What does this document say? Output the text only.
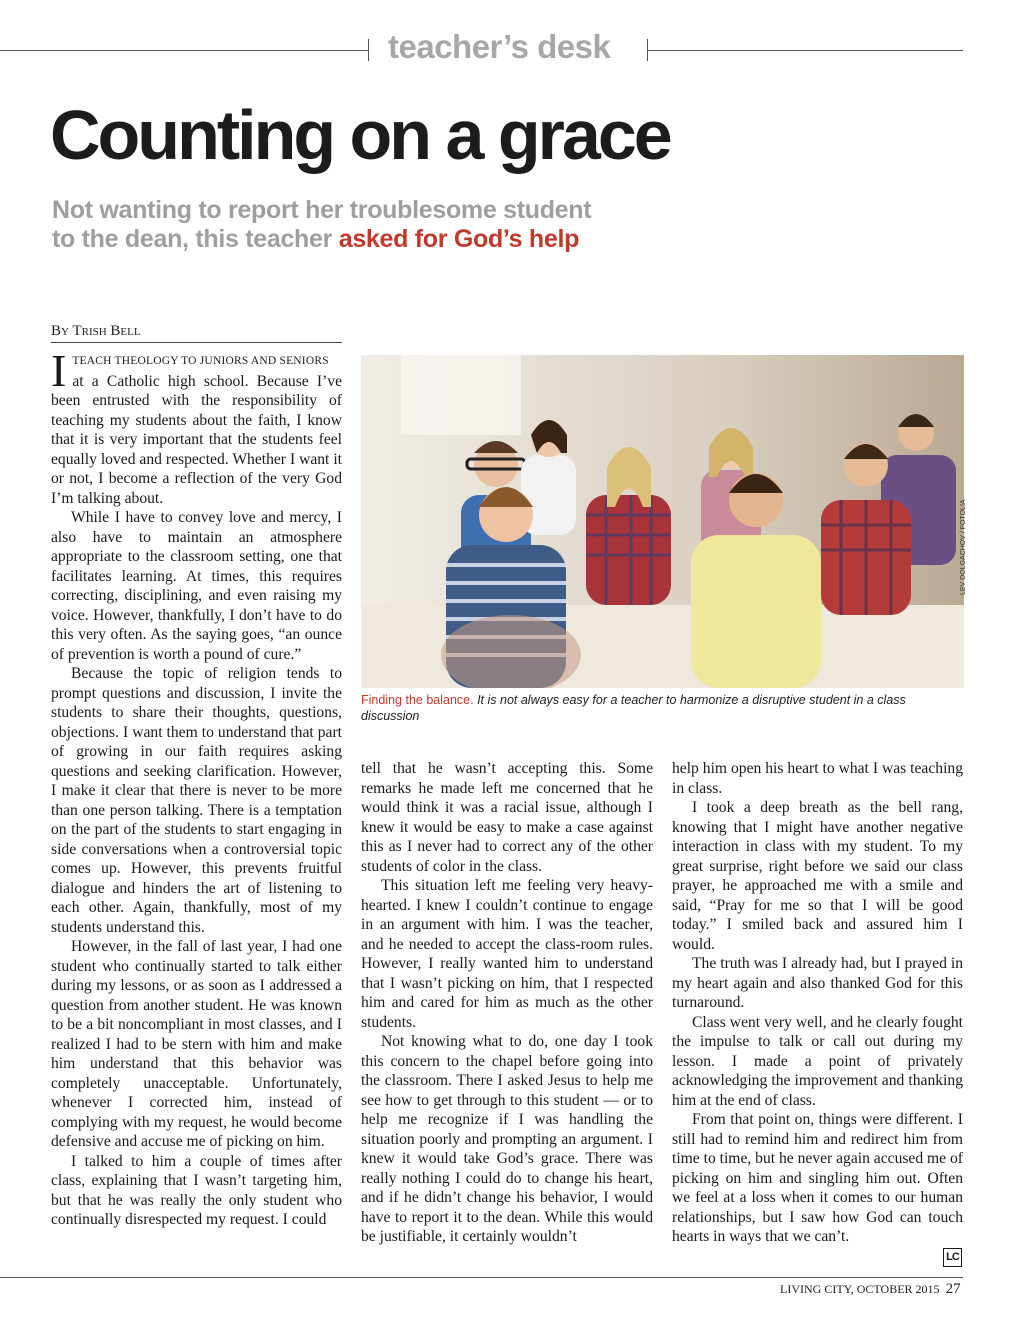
teacher’s desk
Counting on a grace
Not wanting to report her troublesome student to the dean, this teacher asked for God’s help
By Trish Bell

ITEACH THEOLOGY TO JUNIORS AND SENIORS
at a Catholic high school. Because I’ve been entrusted with the responsibility of teaching my students about the faith, I know that it is very important that the students feel equally loved and respected. Whether I want it or not, I become a reflection of the very God I’m talking about.

While I have to convey love and mercy, I also have to maintain an atmosphere appropriate to the classroom setting, one that facilitates learning. At times, this requires correcting, disciplining, and even raising my voice. However, thankfully, I don’t have to do this very often. As the saying goes, “an ounce of prevention is worth a pound of cure.”

Because the topic of religion tends to prompt questions and discussion, I invite the students to share their thoughts, questions, objections. I want them to understand that part of growing in our faith requires asking questions and seeking clarification. However, I make it clear that there is never to be more than one person talking. There is a temptation on the part of the students to start engaging in side conversations when a controversial topic comes up. However, this prevents fruitful dialogue and hinders the art of listening to each other. Again, thankfully, most of my students understand this.

However, in the fall of last year, I had one student who continually started to talk either during my lessons, or as soon as I addressed a question from another student. He was known to be a bit noncompliant in most classes, and I realized I had to be stern with him and make him understand that this behavior was completely unacceptable. Unfortunately, whenever I corrected him, instead of complying with my request, he would become defensive and accuse me of picking on him.

I talked to him a couple of times after class, explaining that I wasn’t targeting him, but that he was really the only student who continually disrespected my request. I could

LEV DOLGACHOV / FOTOLIA
Finding the balance. It is not always easy for a teacher to harmonize a disruptive student in a class discussion

tell that he wasn’t accepting this. Some remarks he made left me concerned that he would think it was a racial issue, although I knew it would be easy to make a case against this as I never had to correct any of the other students of color in the class.

This situation left me feeling very heavy-hearted. I knew I couldn’t continue to engage in an argument with him. I was the teacher, and he needed to accept the class-room rules. However, I really wanted him to understand that I wasn’t picking on him, that I respected him and cared for him as much as the other students.

Not knowing what to do, one day I took this concern to the chapel before going into the classroom. There I asked Jesus to help me see how to get through to this student — or to help me recognize if I was handling the situation poorly and prompting an argument. I knew it would take God’s grace. There was really nothing I could do to change his heart, and if he didn’t change his behavior, I would have to report it to the dean. While this would be justifiable, it certainly wouldn’t

help him open his heart to what I was teaching in class.

I took a deep breath as the bell rang, knowing that I might have another negative interaction in class with my student. To my great surprise, right before we said our class prayer, he approached me with a smile and said, “Pray for me so that I will be good today.” I smiled back and assured him I would.

The truth was I already had, but I prayed in my heart again and also thanked God for this turnaround.

Class went very well, and he clearly fought the impulse to talk or call out during my lesson. I made a point of privately acknowledging the improvement and thanking him at the end of class.

From that point on, things were different. I still had to remind him and redirect him from time to time, but he never again accused me of picking on him and singling him out. Often we feel at a loss when it comes to our human relationships, but I saw how God can touch hearts in ways that we can’t.

LC
LIVING CITY, OCTOBER 2015 27
